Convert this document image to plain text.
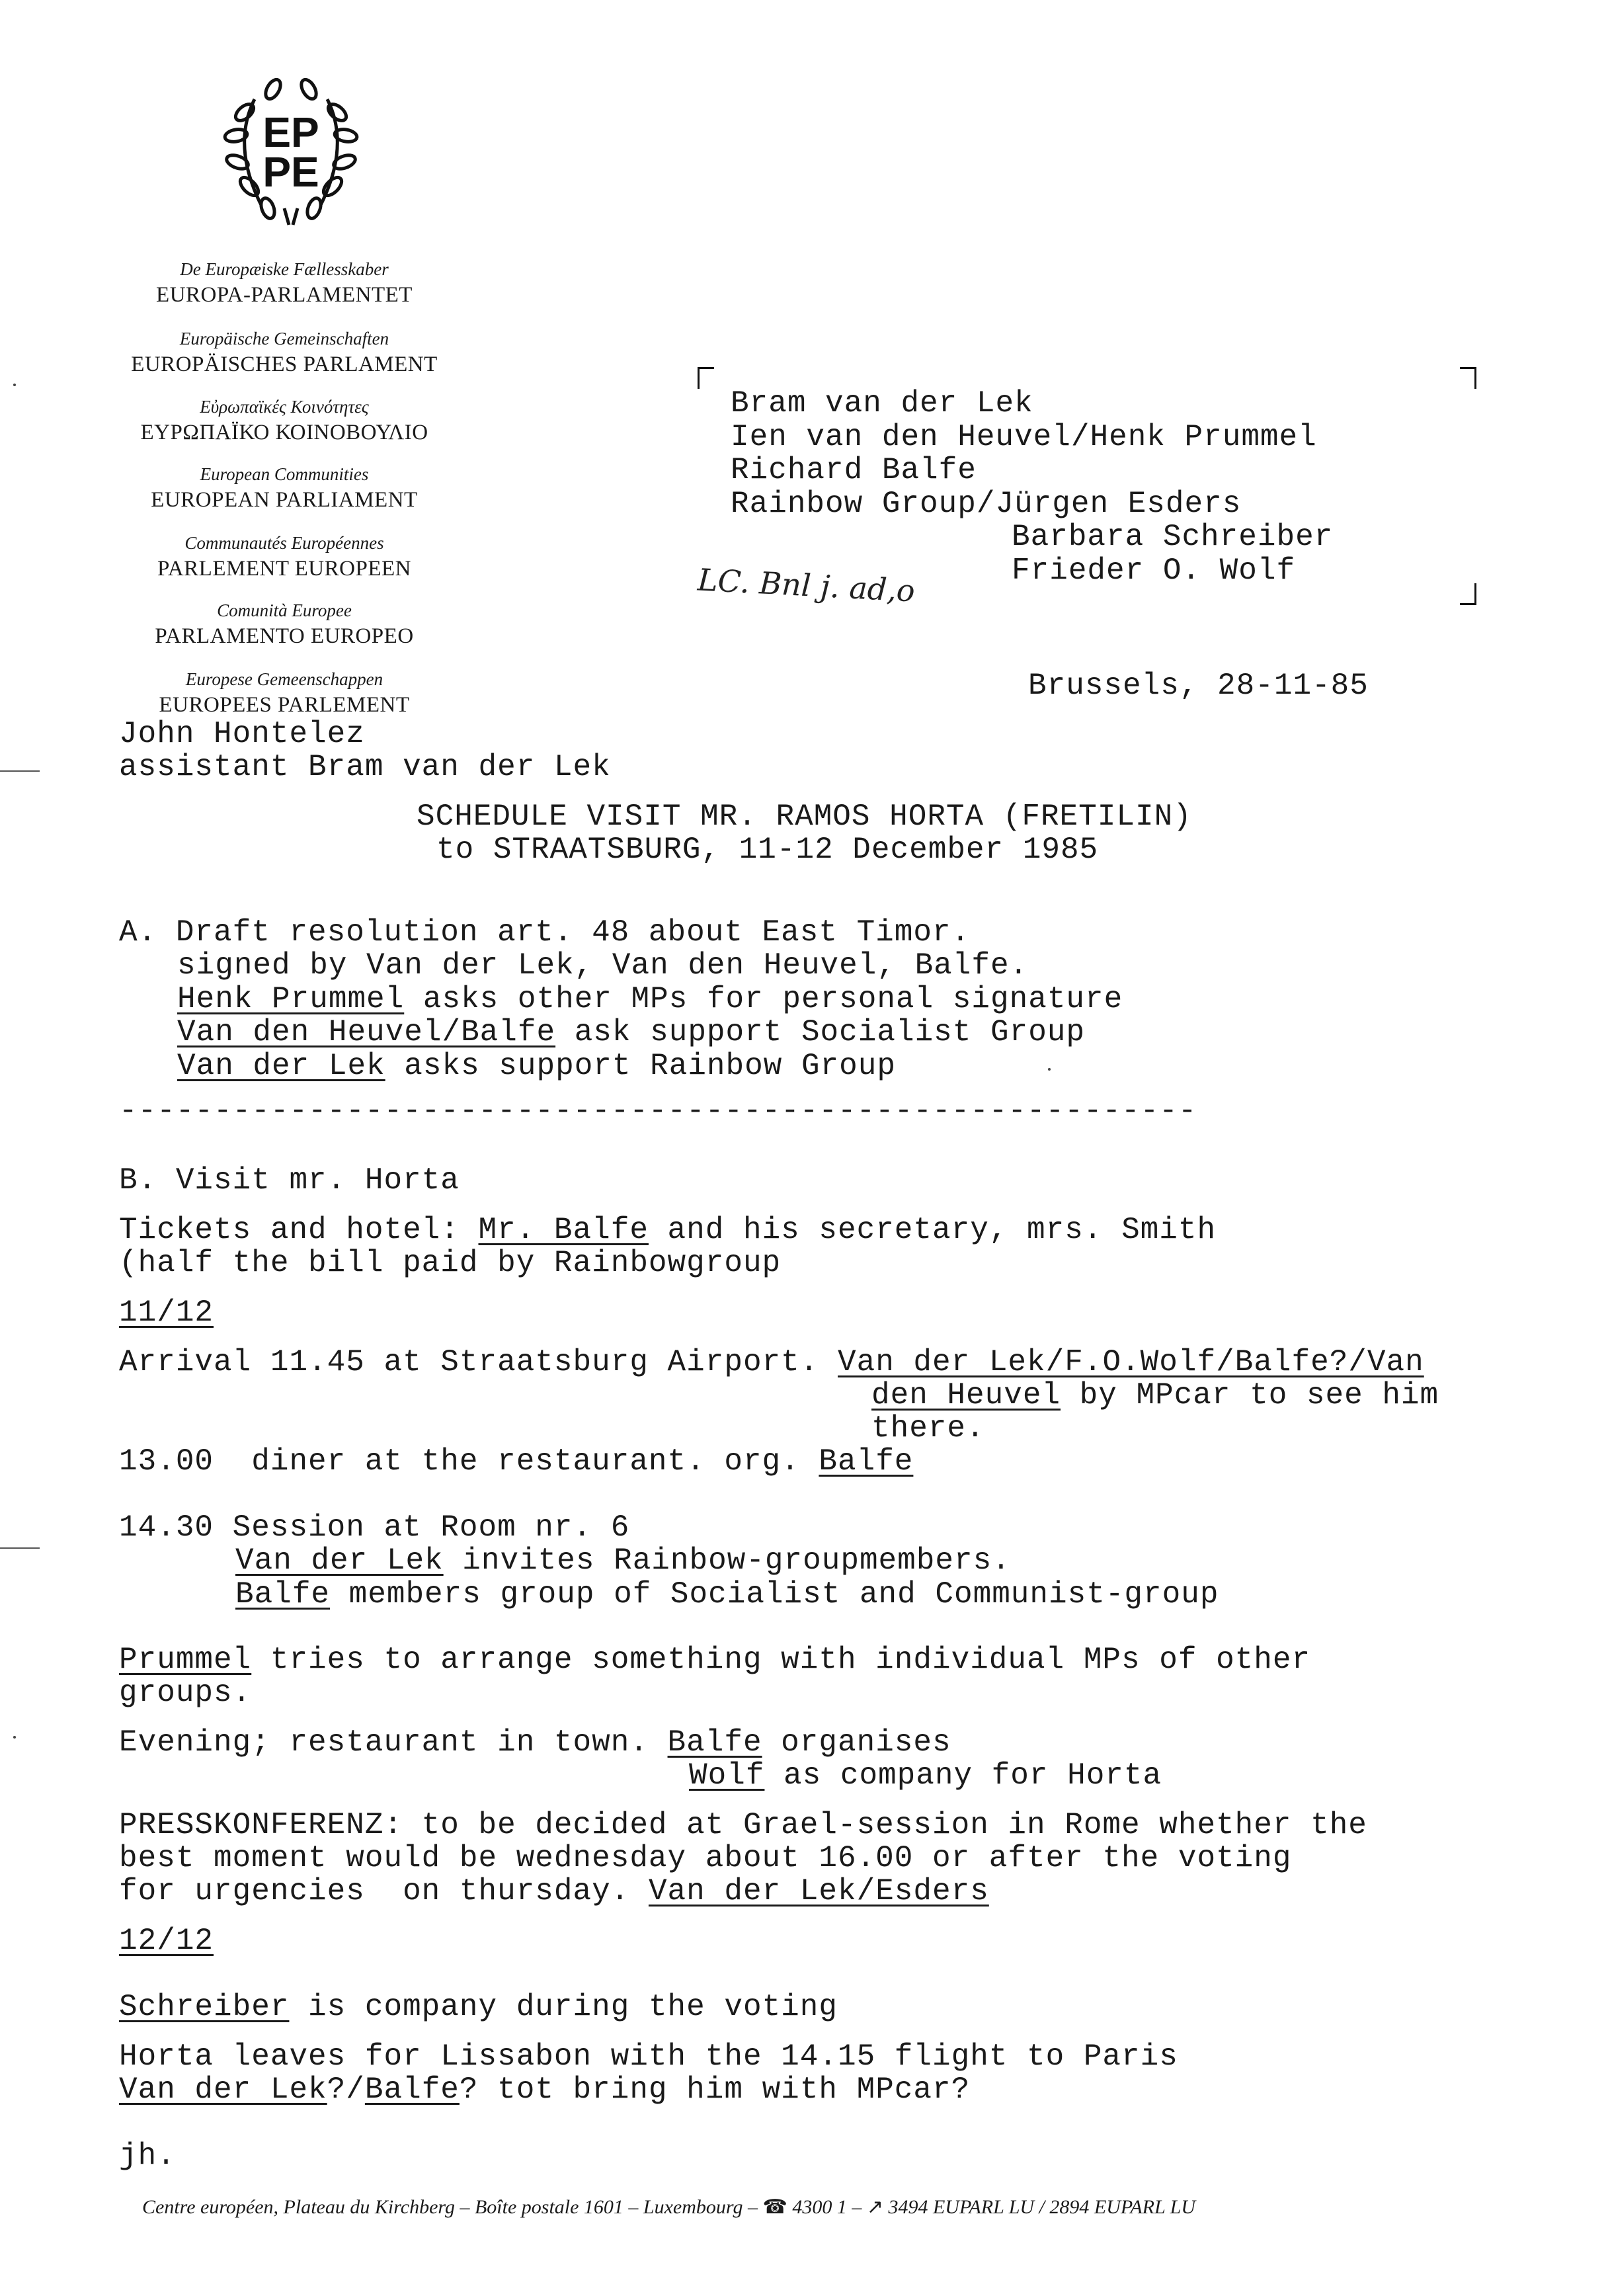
EP
PE
De Europæiske Fællesskaber
EUROPA-PARLAMENTET
Europäische Gemeinschaften
EUROPÄISCHES PARLAMENT
Εὐρωπαϊκές Κοινότητες
ΕΥΡΩΠΑΪΚΟ ΚΟΙΝΟΒΟΥΛΙΟ
European Communities
EUROPEAN PARLIAMENT
Communautés Européennes
PARLEMENT EUROPEEN
Comunità Europee
PARLAMENTO EUROPEO
Europese Gemeenschappen
EUROPEES PARLEMENT
Bram van der Lek
Ien van den Heuvel/Henk Prummel
Richard Balfe
Rainbow Group/Jürgen Esders
Barbara Schreiber
Frieder O. Wolf
LC. Bnl j. ad,o
Brussels, 28-11-85
John Hontelez
assistant Bram van der Lek
SCHEDULE VISIT MR. RAMOS HORTA (FRETILIN)
to STRAATSBURG, 11-12 December 1985
A. Draft resolution art. 48 about East Timor.
signed by Van der Lek, Van den Heuvel, Balfe.
Henk Prummel asks other MPs for personal signature
Van den Heuvel/Balfe ask support Socialist Group
Van der Lek asks support Rainbow Group
---------------------------------------------------------
B. Visit mr. Horta
Tickets and hotel: Mr. Balfe and his secretary, mrs. Smith
(half the bill paid by Rainbowgroup
11/12
Arrival 11.45 at Straatsburg Airport. Van der Lek/F.O.Wolf/Balfe?/Van
den Heuvel by MPcar to see him
there.
13.00  diner at the restaurant. org. Balfe
14.30 Session at Room nr. 6
Van der Lek invites Rainbow-groupmembers.
Balfe members group of Socialist and Communist-group
Prummel tries to arrange something with individual MPs of other
groups.
Evening; restaurant in town. Balfe organises
Wolf as company for Horta
PRESSKONFERENZ: to be decided at Grael-session in Rome whether the
best moment would be wednesday about 16.00 or after the voting
for urgencies  on thursday. Van der Lek/Esders
12/12
Schreiber is company during the voting
Horta leaves for Lissabon with the 14.15 flight to Paris
Van der Lek?/Balfe? tot bring him with MPcar?
jh.
Centre européen, Plateau du Kirchberg – Boîte postale 1601 – Luxembourg – ☎ 4300 1 – ↗ 3494 EUPARL LU / 2894 EUPARL LU
